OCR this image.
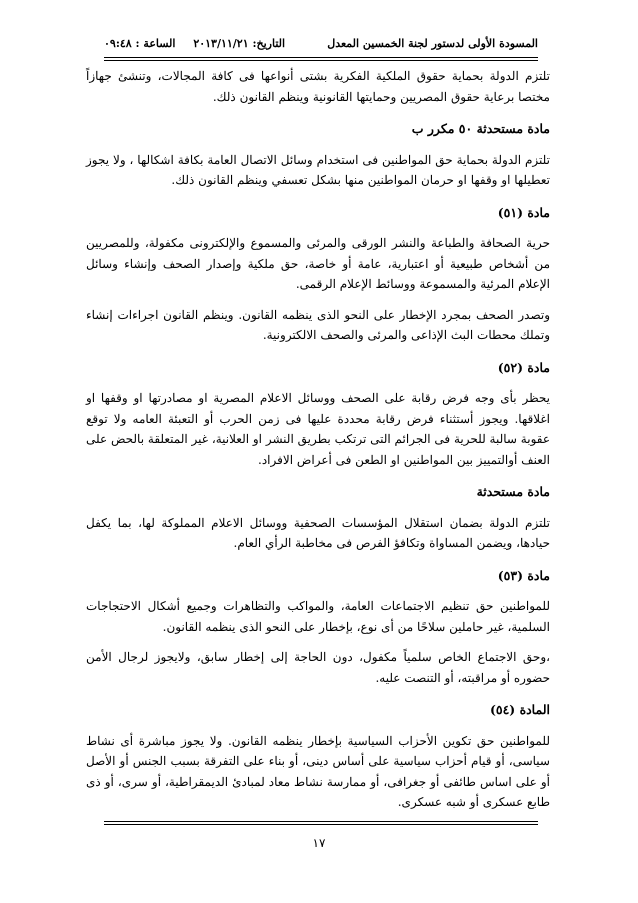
المسودة الأولى لدستور لجنة الخمسين المعدل
التاريخ: ٢٠١٣/١١/٢١ الساعة : ٠٩:٤٨

تلتزم الدولة بحماية حقوق الملكية الفكرية بشتى أنواعها فى كافة المجالات، وتنشئ جهازاً مختصا برعاية حقوق المصريين وحمايتها القانونية وينظم القانون ذلك.

مادة مستحدثة ٥٠ مكرر ب

تلتزم الدولة بحماية حق المواطنين فى استخدام وسائل الاتصال العامة بكافة اشكالها ، ولا يجوز تعطيلها او وقفها او حرمان المواطنين منها بشكل تعسفي وينظم القانون ذلك.

مادة (٥١)

حرية الصحافة والطباعة والنشر الورقى والمرئى والمسموع والإلكترونى مكفولة، وللمصريين من أشخاص طبيعية أو اعتبارية، عامة أو خاصة، حق ملكية وإصدار الصحف وإنشاء وسائل الإعلام المرئية والمسموعة ووسائط الإعلام الرقمى.

وتصدر الصحف بمجرد الإخطار على النحو الذى ينظمه القانون. وينظم القانون اجراءات إنشاء وتملك محطات البث الإذاعى والمرئى والصحف الالكترونية.

مادة (٥٢)

يحظر بأى وجه فرض رقابة على الصحف ووسائل الاعلام المصرية او مصادرتها او وقفها او اغلاقها. ويجوز أستثناء فرض رقابة محددة عليها فى زمن الحرب أو التعبئة العامه ولا توقع عقوبة سالبة للحرية فى الجرائم التى ترتكب بطريق النشر او العلانية، غير المتعلقة بالحض على العنف أوالتمييز بين المواطنين او الطعن فى أعراض الافراد.

مادة مستحدثة

تلتزم الدولة بضمان استقلال المؤسسات الصحفية ووسائل الاعلام المملوكة لها، بما يكفل حيادها، ويضمن المساواة وتكافؤ الفرص فى مخاطبة الرأي العام.

مادة (٥٣)

للمواطنين حق تنظيم الاجتماعات العامة، والمواكب والتظاهرات وجميع أشكال الاحتجاجات السلمية، غير حاملين سلاحًا من أى نوع، بإخطار على النحو الذى ينظمه القانون.

،وحق الاجتماع الخاص سلمياً مكفول، دون الحاجة إلى إخطار سابق، ولايجوز لرجال الأمن حضوره أو مراقبته، أو التنصت عليه.

المادة (٥٤)

للمواطنين حق تكوين الأحزاب السياسية بإخطار ينظمه القانون. ولا يجوز مباشرة أى نشاط سياسى، أو قيام أحزاب سياسية على أساس دينى، أو بناء على التفرقة بسبب الجنس أو الأصل أو على اساس طائفى أو جغرافى، أو ممارسة نشاط معاد لمبادئ الديمقراطية، أو سرى، أو ذى طابع عسكرى أو شبه عسكرى.

١٧
